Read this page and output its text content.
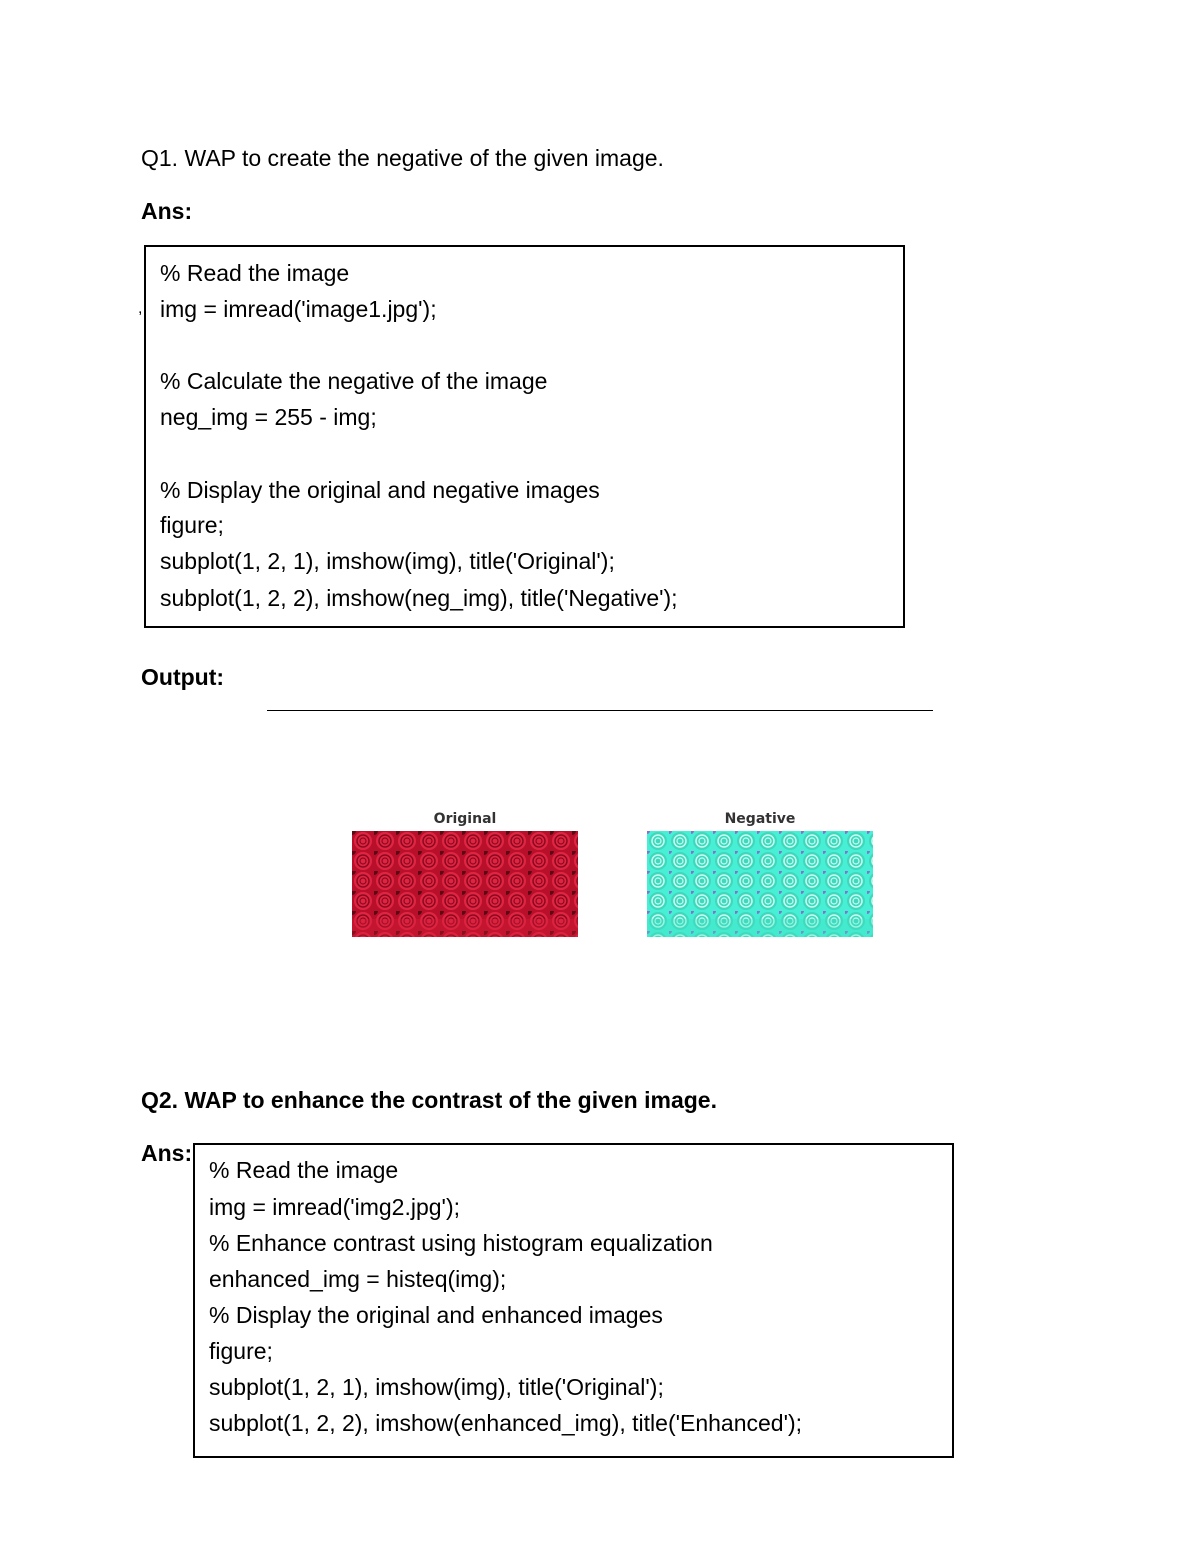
Q1. WAP to create the negative of the given image.
Ans:
,
% Read the image
img = imread('image1.jpg');
% Calculate the negative of the image
neg_img = 255 - img;
% Display the original and negative images
figure;
subplot(1, 2, 1), imshow(img), title('Original');
subplot(1, 2, 2), imshow(neg_img), title('Negative');
Output:
Original	Negative
Q2. WAP to enhance the contrast of the given image.
Ans:
% Read the image
img = imread('img2.jpg');
% Enhance contrast using histogram equalization
enhanced_img = histeq(img);
% Display the original and enhanced images
figure;
subplot(1, 2, 1), imshow(img), title('Original');
subplot(1, 2, 2), imshow(enhanced_img), title('Enhanced');
